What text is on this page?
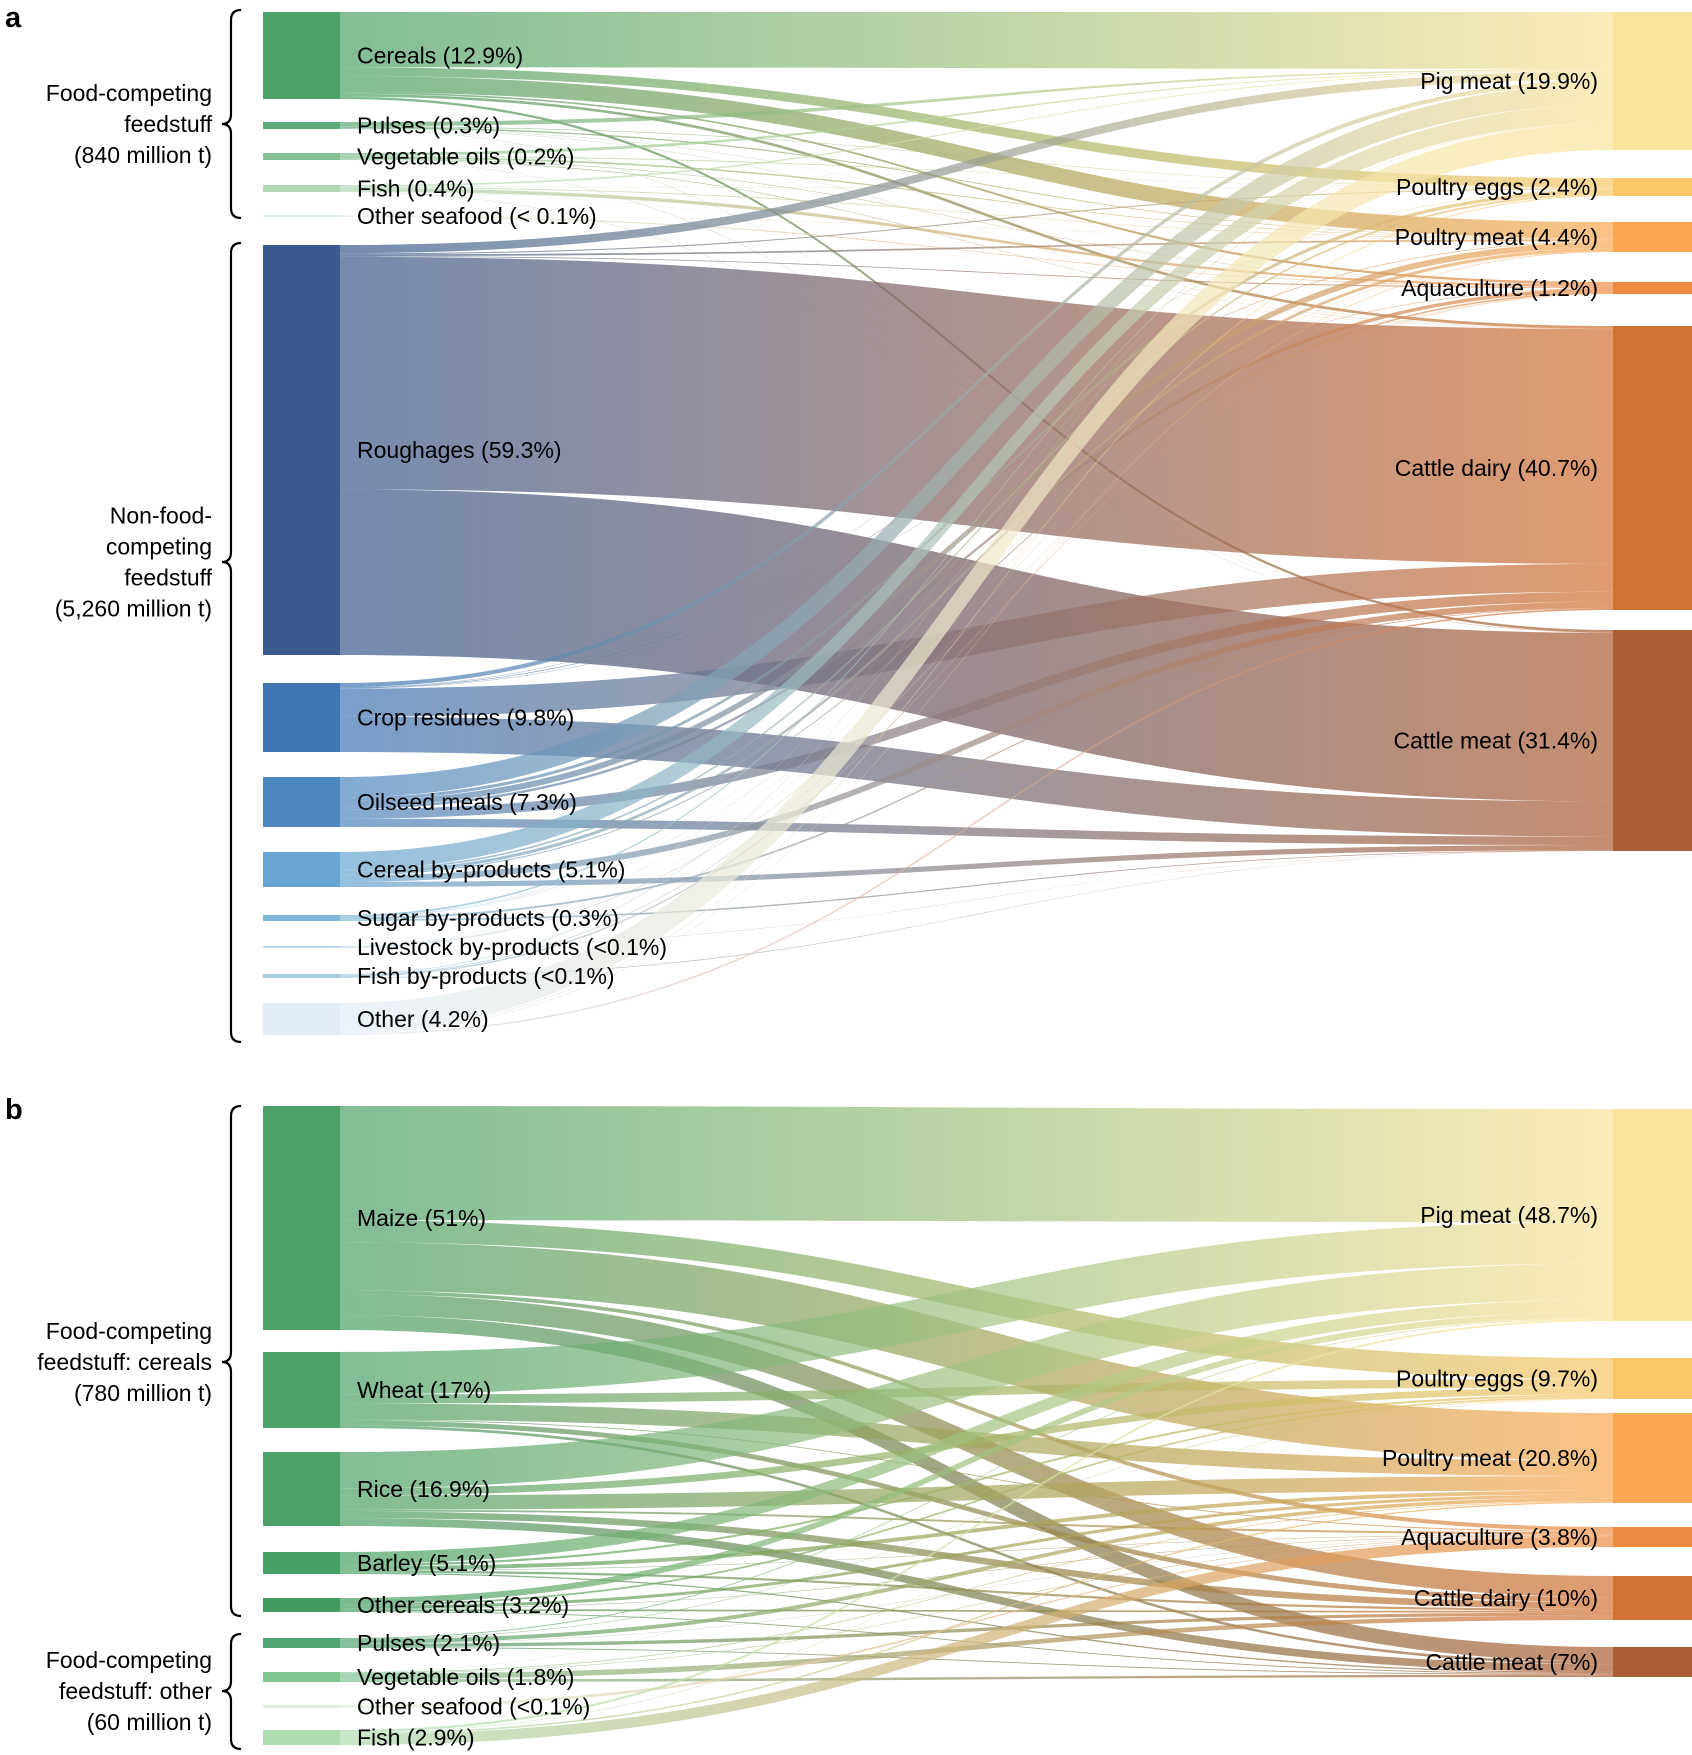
a
b
Cereals (12.9%)
Pulses (0.3%)
Vegetable oils (0.2%)
Fish (0.4%)
Other seafood (< 0.1%)
Roughages (59.3%)
Crop residues (9.8%)
Oilseed meals (7.3%)
Cereal by-products (5.1%)
Sugar by-products (0.3%)
Livestock by-products (<0.1%)
Fish by-products (<0.1%)
Other (4.2%)
Pig meat (19.9%)
Poultry eggs (2.4%)
Poultry meat (4.4%)
Aquaculture (1.2%)
Cattle dairy (40.7%)
Cattle meat (31.4%)
Food-competing feedstuff (840 million t)
Non-food-competing feedstuff (5,260 million t)
Maize (51%)
Wheat (17%)
Rice (16.9%)
Barley (5.1%)
Other cereals (3.2%)
Pulses (2.1%)
Vegetable oils (1.8%)
Other seafood (<0.1%)
Fish (2.9%)
Pig meat (48.7%)
Poultry eggs (9.7%)
Poultry meat (20.8%)
Aquaculture (3.8%)
Cattle dairy (10%)
Cattle meat (7%)
Food-competing feedstuff: cereals (780 million t)
Food-competing feedstuff: other (60 million t)
